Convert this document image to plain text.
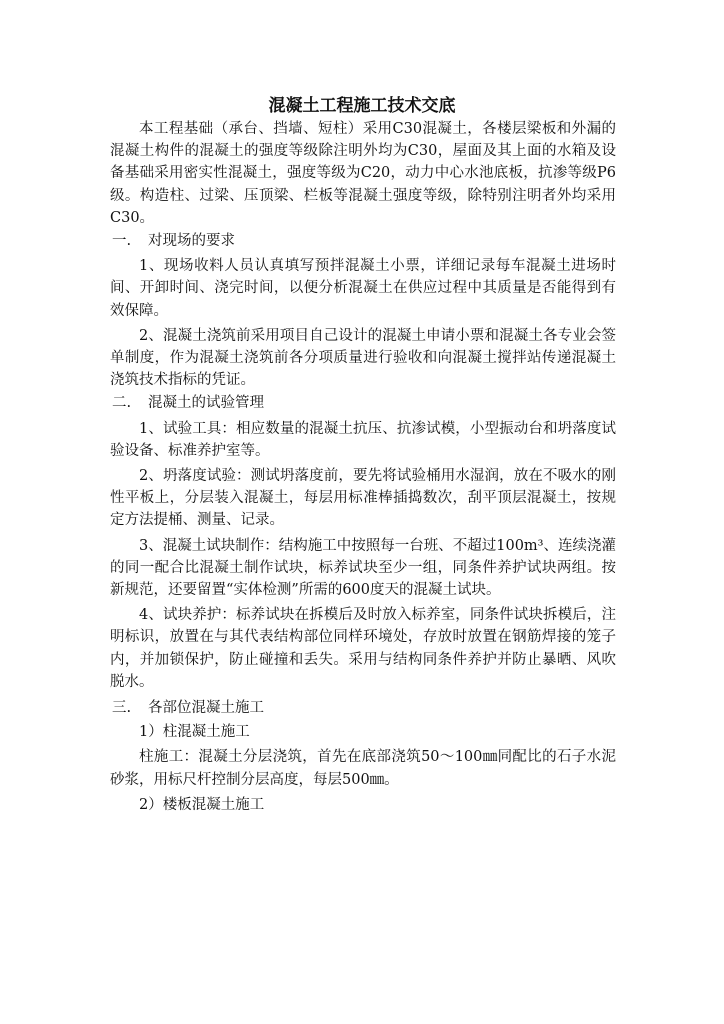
混凝土工程施工技术交底

本工程基础（承台、挡墙、短柱）采用C30混凝土，各楼层梁板和外漏的混凝土构件的混凝土的强度等级除注明外均为C30，屋面及其上面的水箱及设备基础采用密实性混凝土，强度等级为C20，动力中心水池底板，抗渗等级P6级。构造柱、过梁、压顶梁、栏板等混凝土强度等级，除特别注明者外均采用C30。

一. 对现场的要求

1、现场收料人员认真填写预拌混凝土小票，详细记录每车混凝土进场时间、开卸时间、浇完时间，以便分析混凝土在供应过程中其质量是否能得到有效保障。

2、混凝土浇筑前采用项目自己设计的混凝土申请小票和混凝土各专业会签单制度，作为混凝土浇筑前各分项质量进行验收和向混凝土搅拌站传递混凝土浇筑技术指标的凭证。

二. 混凝土的试验管理

1、试验工具：相应数量的混凝土抗压、抗渗试模，小型振动台和坍落度试验设备、标准养护室等。

2、坍落度试验：测试坍落度前，要先将试验桶用水湿润，放在不吸水的刚性平板上，分层装入混凝土，每层用标准棒插捣数次，刮平顶层混凝土，按规定方法提桶、测量、记录。

3、混凝土试块制作：结构施工中按照每一台班、不超过100m³、连续浇灌的同一配合比混凝土制作试块，标养试块至少一组，同条件养护试块两组。按新规范，还要留置“实体检测”所需的600度天的混凝土试块。

4、试块养护：标养试块在拆模后及时放入标养室，同条件试块拆模后，注明标识，放置在与其代表结构部位同样环境处，存放时放置在钢筋焊接的笼子内，并加锁保护，防止碰撞和丢失。采用与结构同条件养护并防止暴晒、风吹脱水。

三. 各部位混凝土施工

1）柱混凝土施工

柱施工：混凝土分层浇筑，首先在底部浇筑50～100㎜同配比的石子水泥砂浆，用标尺杆控制分层高度，每层500㎜。

2）楼板混凝土施工
